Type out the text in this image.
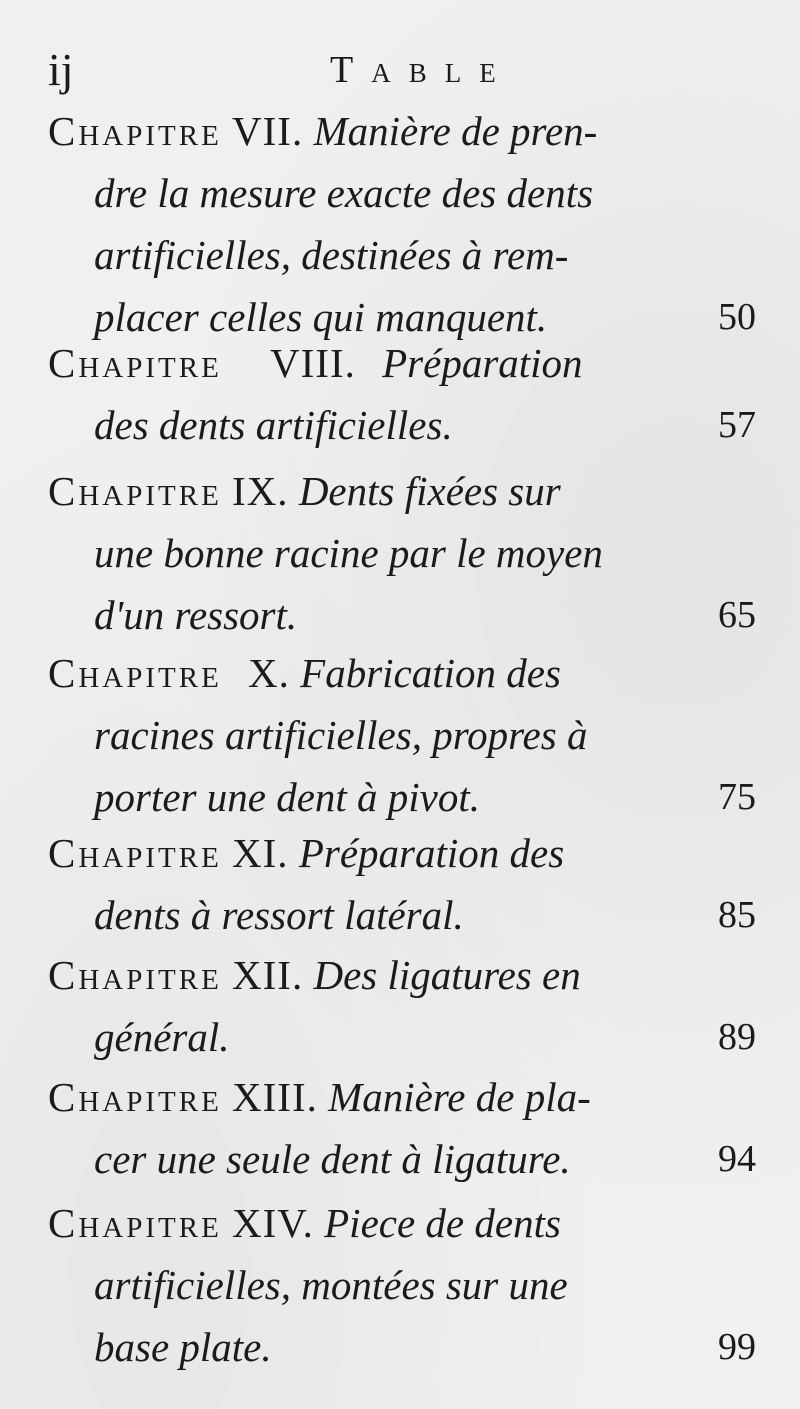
ij	Table
Chapitre VII. Manière de pren-
dre la mesure exacte des dents
artificielles, destinées à rem-
placer celles qui manquent.	50
Chapitre VIII. Préparation
des dents artificielles.	57
Chapitre IX. Dents fixées sur
une bonne racine par le moyen
d'un ressort.	65
Chapitre X. Fabrication des
racines artificielles, propres à
porter une dent à pivot.	75
Chapitre XI. Préparation des
dents à ressort latéral.	85
Chapitre XII. Des ligatures en
général.	89
Chapitre XIII. Manière de pla-
cer une seule dent à ligature.	94
Chapitre XIV. Piece de dents
artificielles, montées sur une
base plate.	99
